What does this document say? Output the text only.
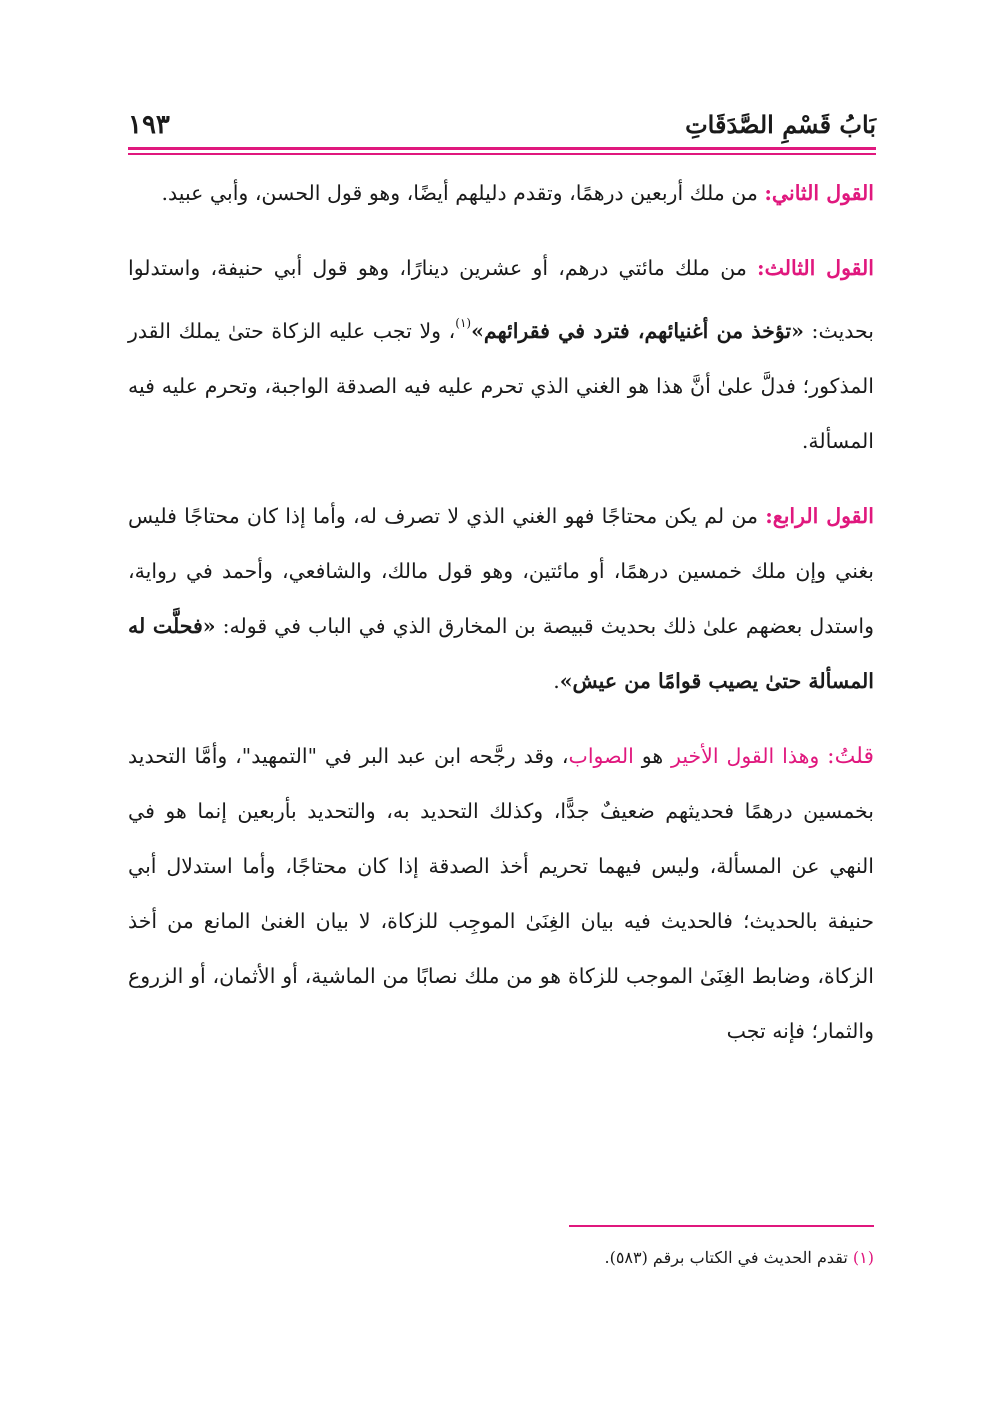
بَابُ قَسْمِ الصَّدَقَاتِ
١٩٣

القول الثاني: من ملك أربعين درهمًا، وتقدم دليلهم أيضًا، وهو قول الحسن، وأبي عبيد.

القول الثالث: من ملك مائتي درهم، أو عشرين دينارًا، وهو قول أبي حنيفة، واستدلوا بحديث: «تؤخذ من أغنيائهم، فترد في فقرائهم»$^{(١)}$، ولا تجب عليه الزكاة حتىٰ يملك القدر المذكور؛ فدلَّ علىٰ أنَّ هذا هو الغني الذي تحرم عليه فيه الصدقة الواجبة، وتحرم عليه فيه المسألة.

القول الرابع: من لم يكن محتاجًا فهو الغني الذي لا تصرف له، وأما إذا كان محتاجًا فليس بغني وإن ملك خمسين درهمًا، أو مائتين، وهو قول مالك، والشافعي، وأحمد في رواية، واستدل بعضهم علىٰ ذلك بحديث قبيصة بن المخارق الذي في الباب في قوله: «فحلَّت له المسألة حتىٰ يصيب قوامًا من عيش».

قلتُ: وهذا القول الأخير هو الصواب، وقد رجَّحه ابن عبد البر في "التمهيد"، وأمَّا التحديد بخمسين درهمًا فحديثهم ضعيفٌ جدًّا، وكذلك التحديد به، والتحديد بأربعين إنما هو في النهي عن المسألة، وليس فيهما تحريم أخذ الصدقة إذا كان محتاجًا، وأما استدلال أبي حنيفة بالحديث؛ فالحديث فيه بيان الغِنَىٰ الموجِب للزكاة، لا بيان الغنىٰ المانع من أخذ الزكاة، وضابط الغِنَىٰ الموجب للزكاة هو من ملك نصابًا من الماشية، أو الأثمان، أو الزروع والثمار؛ فإنه تجب

(١) تقدم الحديث في الكتاب برقم (٥٨٣).
